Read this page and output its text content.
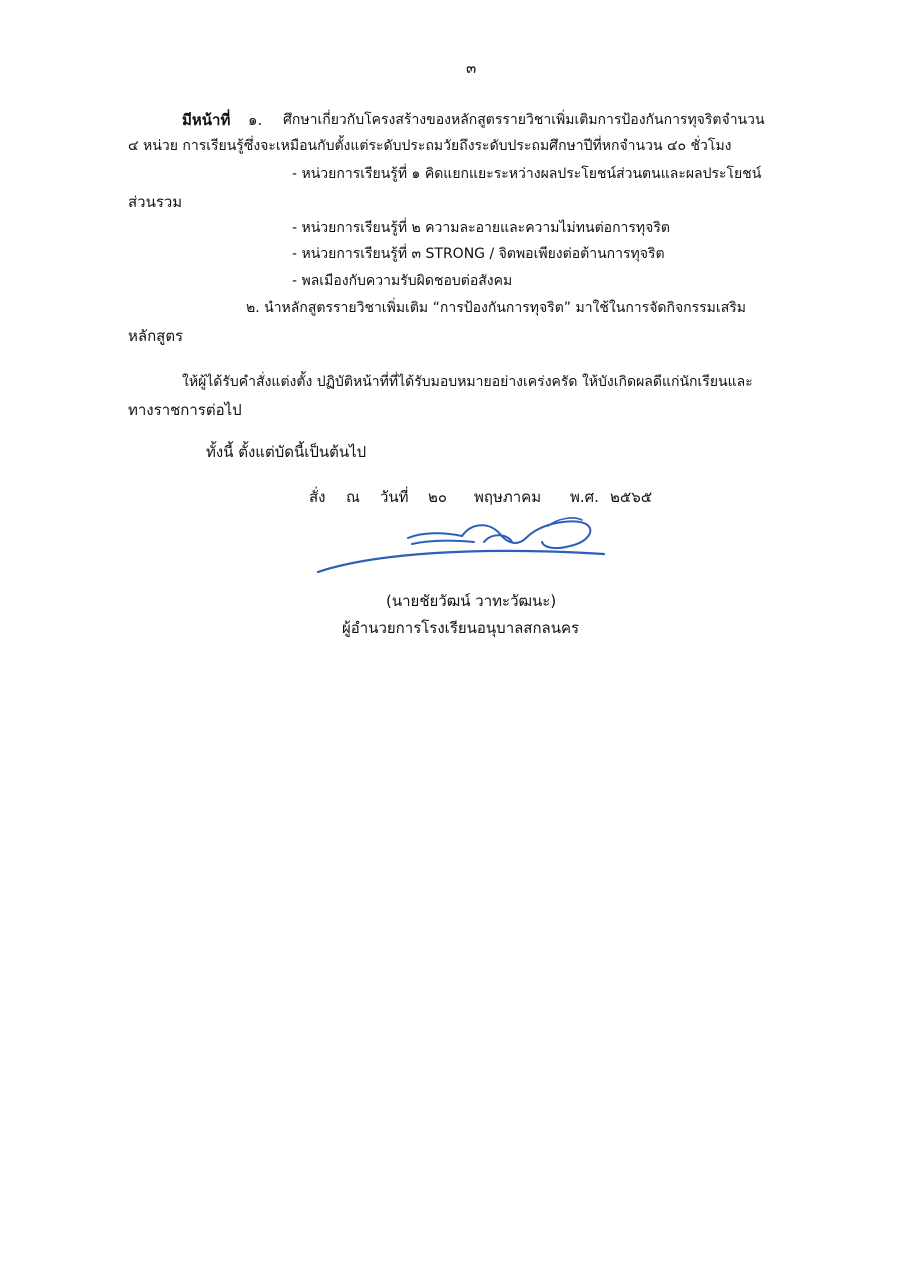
๓
มีหน้าที่ ๑. ศึกษาเกี่ยวกับโครงสร้างของหลักสูตรรายวิชาเพิ่มเติมการป้องกันการทุจริตจำนวน
๔ หน่วย การเรียนรู้ซึ่งจะเหมือนกับตั้งแต่ระดับประถมวัยถึงระดับประถมศึกษาปีที่หกจำนวน ๔๐ ชั่วโมง
- หน่วยการเรียนรู้ที่ ๑ คิดแยกแยะระหว่างผลประโยชน์ส่วนตนและผลประโยชน์
ส่วนรวม
- หน่วยการเรียนรู้ที่ ๒ ความละอายและความไม่ทนต่อการทุจริต
- หน่วยการเรียนรู้ที่ ๓ STRONG / จิตพอเพียงต่อต้านการทุจริต
- พลเมืองกับความรับผิดชอบต่อสังคม
๒. นำหลักสูตรรายวิชาเพิ่มเติม “การป้องกันการทุจริต” มาใช้ในการจัดกิจกรรมเสริม
หลักสูตร
ให้ผู้ได้รับคำสั่งแต่งตั้ง ปฏิบัติหน้าที่ที่ได้รับมอบหมายอย่างเคร่งครัด ให้บังเกิดผลดีแก่นักเรียนและ
ทางราชการต่อไป
ทั้งนี้ ตั้งแต่บัดนี้เป็นต้นไป
สั่ง ณ วันที่ ๒๐ พฤษภาคม พ.ศ. ๒๕๖๕
(นายชัยวัฒน์ วาทะวัฒนะ)
ผู้อำนวยการโรงเรียนอนุบาลสกลนคร
